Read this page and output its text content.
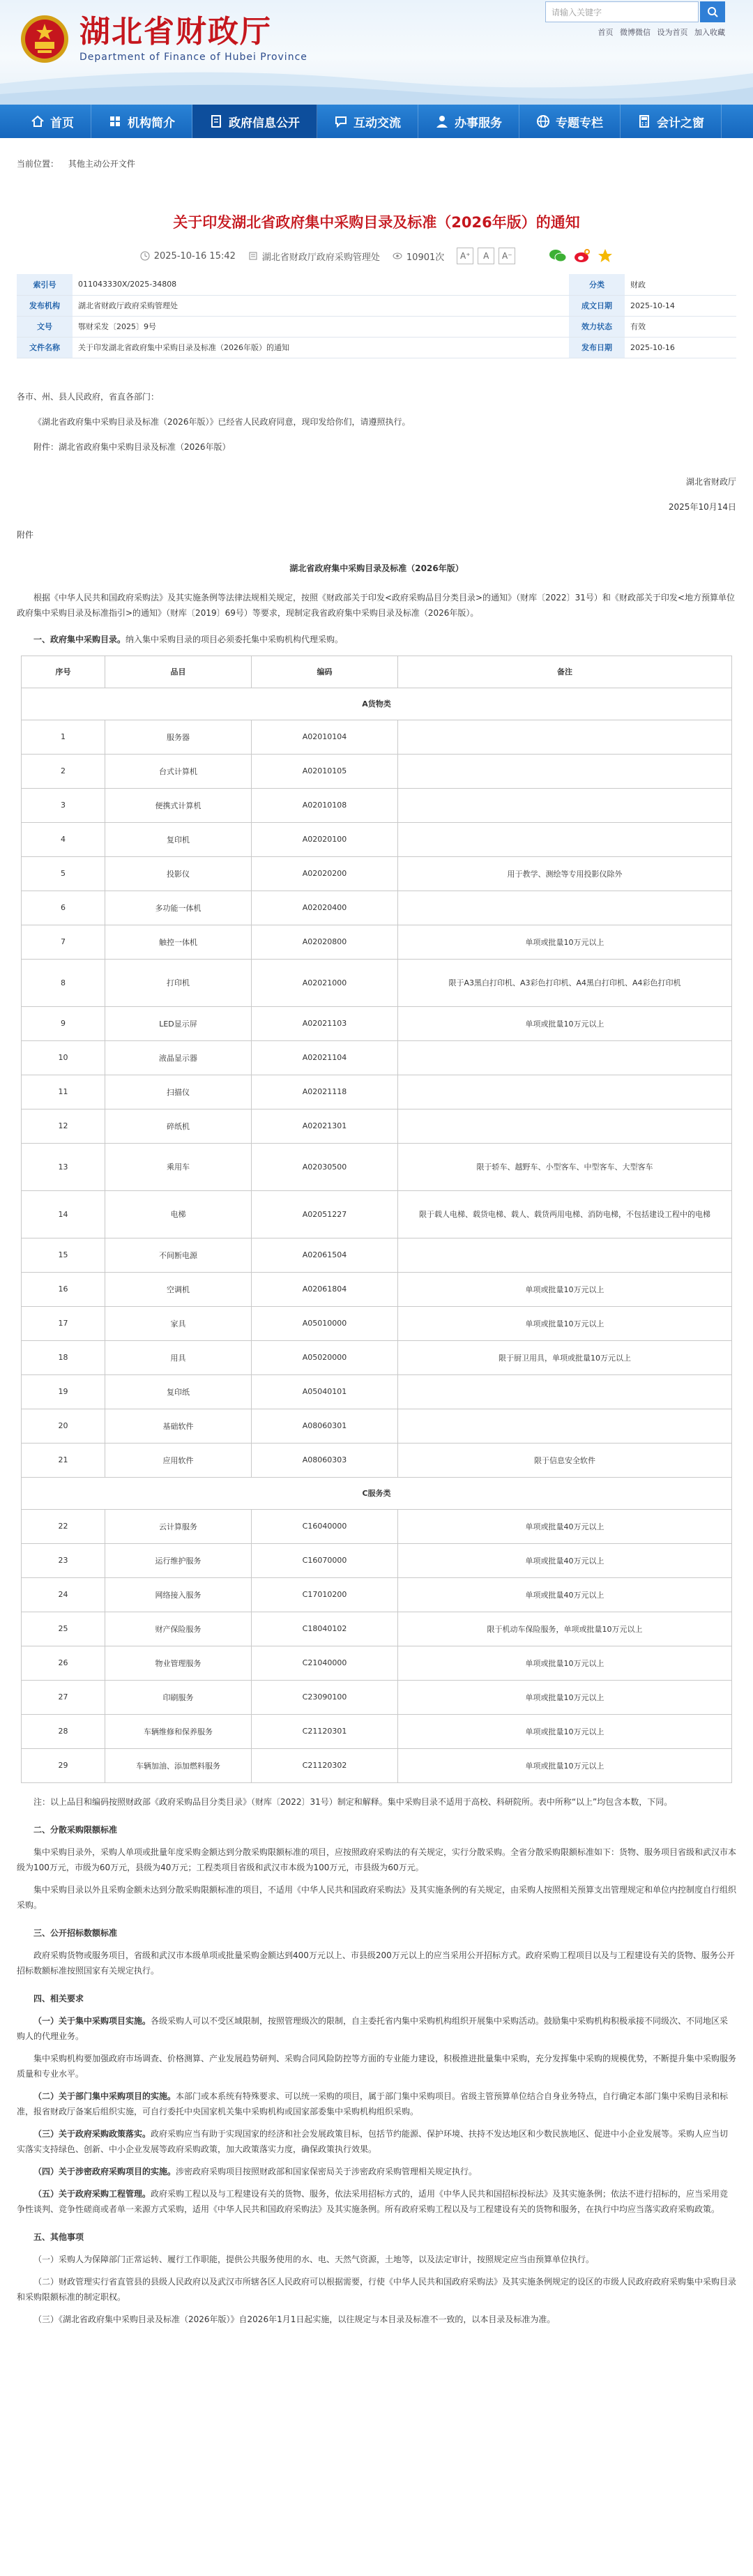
湖北省财政厅
Department of Finance of Hubei Province
请输入关键字
首页 微博微信 设为首页 加入收藏
首页	机构简介	政府信息公开	互动交流	办事服务	专题专栏	会计之窗
当前位置： 其他主动公开文件
关于印发湖北省政府集中采购目录及标准（2026年版）的通知
2025-10-16 15:42	湖北省财政厅政府采购管理处	10901次	A⁺	A	A⁻
索引号	011043330X/2025-34808	分类	财政
发布机构	湖北省财政厅政府采购管理处	成文日期	2025-10-14
文号	鄂财采发〔2025〕9号	效力状态	有效
文件名称	关于印发湖北省政府集中采购目录及标准（2026年版）的通知	发布日期	2025-10-16
各市、州、县人民政府，省直各部门：
《湖北省政府集中采购目录及标准（2026年版）》已经省人民政府同意，现印发给你们，请遵照执行。
附件：湖北省政府集中采购目录及标准（2026年版）
湖北省财政厅
2025年10月14日
附件
湖北省政府集中采购目录及标准（2026年版）
根据《中华人民共和国政府采购法》及其实施条例等法律法规相关规定，按照《财政部关于印发<政府采购品目分类目录>的通知》（财库〔2022〕31号）和《财政部关于印发<地方预算单位政府集中采购目录及标准指引>的通知》（财库〔2019〕69号）等要求，现制定我省政府集中采购目录及标准（2026年版）。
一、政府集中采购目录。纳入集中采购目录的项目必须委托集中采购机构代理采购。
序号	品目	编码	备注
A货物类			
1	服务器	A02010104	
2	台式计算机	A02010105	
3	便携式计算机	A02010108	
4	复印机	A02020100	
5	投影仪	A02020200	用于教学、测绘等专用投影仪除外
6	多功能一体机	A02020400	
7	触控一体机	A02020800	单项或批量10万元以上
8	打印机	A02021000	限于A3黑白打印机、A3彩色打印机、A4黑白打印机、A4彩色打印机
9	LED显示屏	A02021103	单项或批量10万元以上
10	液晶显示器	A02021104	
11	扫描仪	A02021118	
12	碎纸机	A02021301	
13	乘用车	A02030500	限于轿车、越野车、小型客车、中型客车、大型客车
14	电梯	A02051227	限于载人电梯、载货电梯、载人、载货两用电梯、消防电梯，不包括建设工程中的电梯
15	不间断电源	A02061504	
16	空调机	A02061804	单项或批量10万元以上
17	家具	A05010000	单项或批量10万元以上
18	用具	A05020000	限于厨卫用具，单项或批量10万元以上
19	复印纸	A05040101	
20	基础软件	A08060301	
21	应用软件	A08060303	限于信息安全软件
C服务类			
22	云计算服务	C16040000	单项或批量40万元以上
23	运行维护服务	C16070000	单项或批量40万元以上
24	网络接入服务	C17010200	单项或批量40万元以上
25	财产保险服务	C18040102	限于机动车保险服务，单项或批量10万元以上
26	物业管理服务	C21040000	单项或批量10万元以上
27	印刷服务	C23090100	单项或批量10万元以上
28	车辆维修和保养服务	C21120301	单项或批量10万元以上
29	车辆加油、添加燃料服务	C21120302	单项或批量10万元以上
注：以上品目和编码按照财政部《政府采购品目分类目录》（财库〔2022〕31号）制定和解释。集中采购目录不适用于高校、科研院所。表中所称“以上”均包含本数，下同。
二、分散采购限额标准
集中采购目录外，采购人单项或批量年度采购金额达到分散采购限额标准的项目，应按照政府采购法的有关规定，实行分散采购。全省分散采购限额标准如下：货物、服务项目省级和武汉市本级为100万元，市级为60万元，县级为40万元；工程类项目省级和武汉市本级为100万元，市县级为60万元。
集中采购目录以外且采购金额未达到分散采购限额标准的项目，不适用《中华人民共和国政府采购法》及其实施条例的有关规定，由采购人按照相关预算支出管理规定和单位内控制度自行组织采购。
三、公开招标数额标准
政府采购货物或服务项目，省级和武汉市本级单项或批量采购金额达到400万元以上、市县级200万元以上的应当采用公开招标方式。政府采购工程项目以及与工程建设有关的货物、服务公开招标数额标准按照国家有关规定执行。
四、相关要求
（一）关于集中采购项目实施。各级采购人可以不受区域限制，按照管理级次的限制，自主委托省内集中采购机构组织开展集中采购活动。鼓励集中采购机构积极承接不同级次、不同地区采购人的代理业务。
集中采购机构要加强政府市场调查、价格测算、产业发展趋势研判、采购合同风险防控等方面的专业能力建设，积极推进批量集中采购，充分发挥集中采购的规模优势，不断提升集中采购服务质量和专业水平。
（二）关于部门集中采购项目的实施。本部门或本系统有特殊要求、可以统一采购的项目，属于部门集中采购项目。省级主管预算单位结合自身业务特点，自行确定本部门集中采购目录和标准，报省财政厅备案后组织实施，可自行委托中央国家机关集中采购机构或国家部委集中采购机构组织采购。
（三）关于政府采购政策落实。政府采购应当有助于实现国家的经济和社会发展政策目标，包括节约能源、保护环境、扶持不发达地区和少数民族地区、促进中小企业发展等。采购人应当切实落实支持绿色、创新、中小企业发展等政府采购政策，加大政策落实力度，确保政策执行效果。
（四）关于涉密政府采购项目的实施。涉密政府采购项目按照财政部和国家保密局关于涉密政府采购管理相关规定执行。
（五）关于政府采购工程管理。政府采购工程以及与工程建设有关的货物、服务，依法采用招标方式的，适用《中华人民共和国招标投标法》及其实施条例；依法不进行招标的，应当采用竞争性谈判、竞争性磋商或者单一来源方式采购，适用《中华人民共和国政府采购法》及其实施条例。所有政府采购工程以及与工程建设有关的货物和服务，在执行中均应当落实政府采购政策。
五、其他事项
（一）采购人为保障部门正常运转、履行工作职能，提供公共服务使用的水、电、天然气资源，土地等，以及法定审计，按照规定应当由预算单位执行。
（二）财政管理实行省直管县的县级人民政府以及武汉市所辖各区人民政府可以根据需要，行使《中华人民共和国政府采购法》及其实施条例规定的设区的市级人民政府政府采购集中采购目录和采购限额标准的制定职权。
（三）《湖北省政府集中采购目录及标准（2026年版）》自2026年1月1日起实施，以往规定与本目录及标准不一致的，以本目录及标准为准。
